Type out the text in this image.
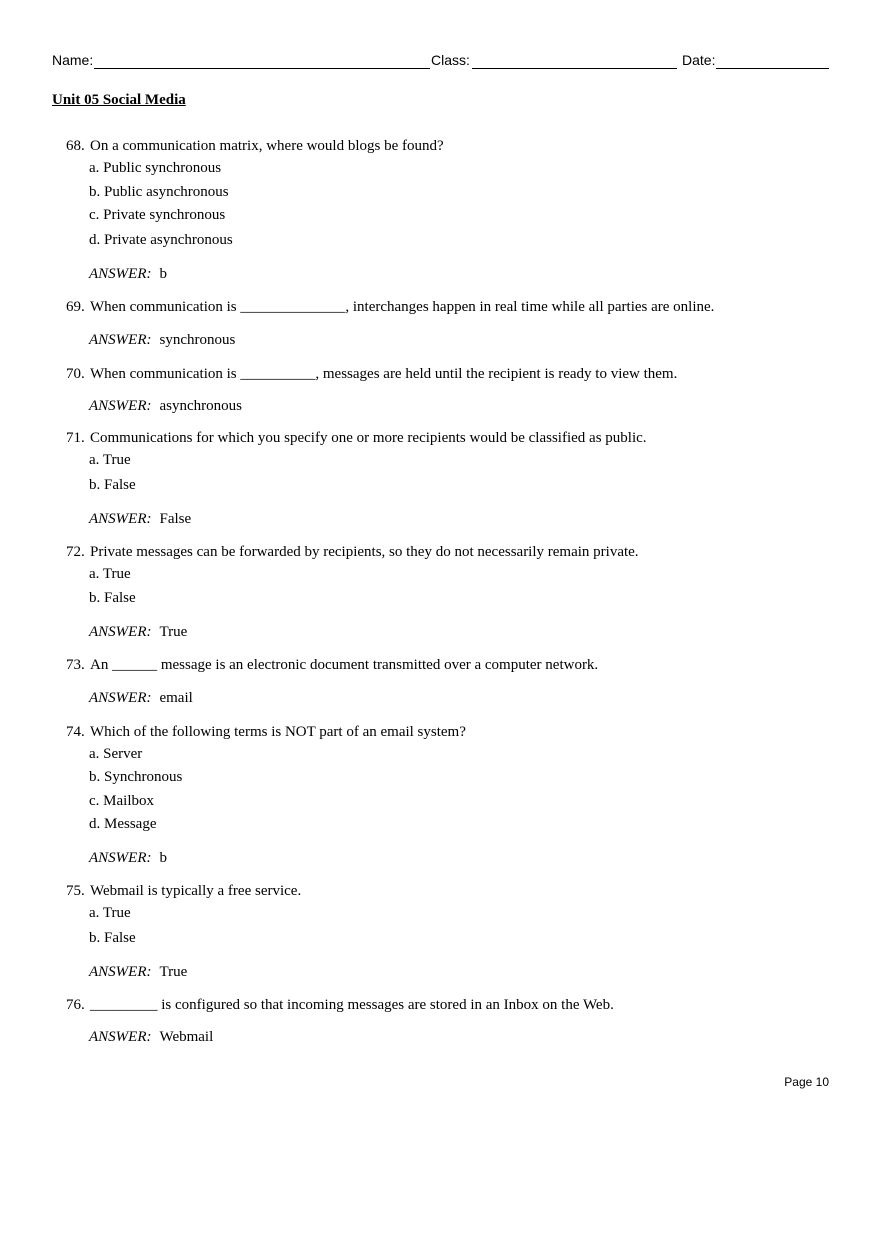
Name:	Class:	Date:
Unit 05 Social Media
68. On a communication matrix, where would blogs be found?
a. Public synchronous
b. Public asynchronous
c. Private synchronous
d. Private asynchronous
ANSWER: b
69. When communication is ______________, interchanges happen in real time while all parties are online.
ANSWER: synchronous
70. When communication is __________, messages are held until the recipient is ready to view them.
ANSWER: asynchronous
71. Communications for which you specify one or more recipients would be classified as public.
a. True
b. False
ANSWER: False
72. Private messages can be forwarded by recipients, so they do not necessarily remain private.
a. True
b. False
ANSWER: True
73. An ______ message is an electronic document transmitted over a computer network.
ANSWER: email
74. Which of the following terms is NOT part of an email system?
a. Server
b. Synchronous
c. Mailbox
d. Message
ANSWER: b
75. Webmail is typically a free service.
a. True
b. False
ANSWER: True
76. _________ is configured so that incoming messages are stored in an Inbox on the Web.
ANSWER: Webmail
Page 10
